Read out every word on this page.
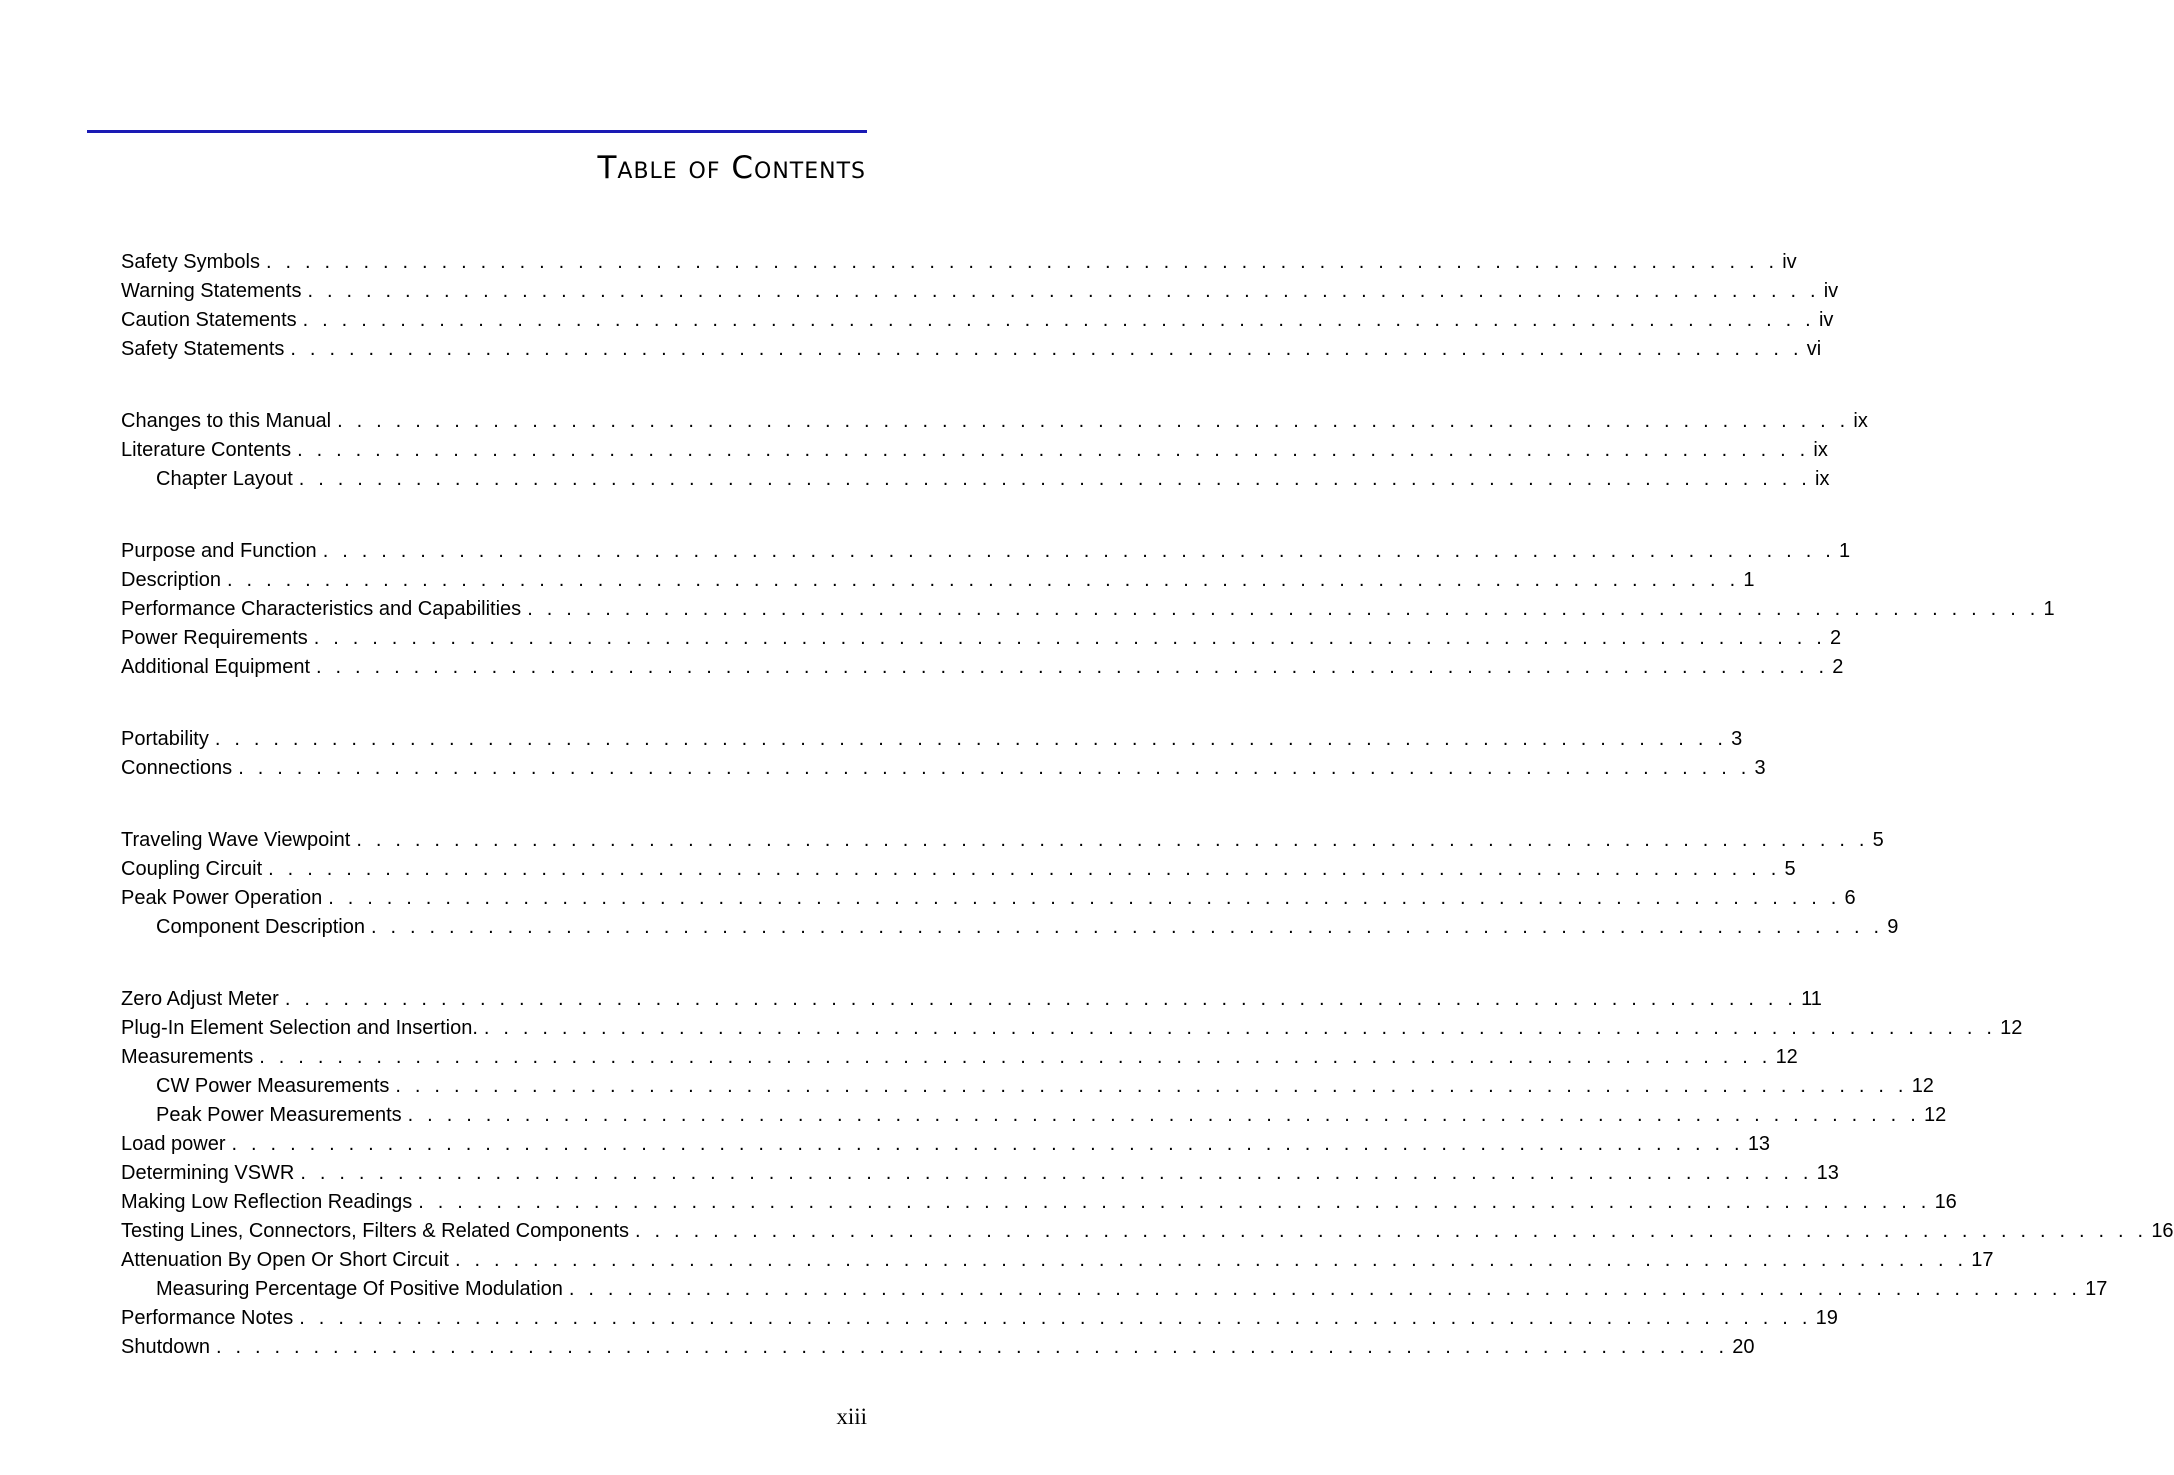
Table of Contents
Safety Symbols . . . . . . . . . . . . . . . . . . . . . . . . . . . . . . . . . . . . . . . . . . . . . . . . . . . . . . . . . . . . . . . . . . . . . . . . . . . . . . iv
Warning Statements . . . . . . . . . . . . . . . . . . . . . . . . . . . . . . . . . . . . . . . . . . . . . . . . . . . . . . . . . . . . . . . . . . . . . . . . . . . . . . iv
Caution Statements . . . . . . . . . . . . . . . . . . . . . . . . . . . . . . . . . . . . . . . . . . . . . . . . . . . . . . . . . . . . . . . . . . . . . . . . . . . . . . iv
Safety Statements . . . . . . . . . . . . . . . . . . . . . . . . . . . . . . . . . . . . . . . . . . . . . . . . . . . . . . . . . . . . . . . . . . . . . . . . . . . . . . vi
Changes to this Manual . . . . . . . . . . . . . . . . . . . . . . . . . . . . . . . . . . . . . . . . . . . . . . . . . . . . . . . . . . . . . . . . . . . . . . . . . . . . . . ix
Literature Contents . . . . . . . . . . . . . . . . . . . . . . . . . . . . . . . . . . . . . . . . . . . . . . . . . . . . . . . . . . . . . . . . . . . . . . . . . . . . . . ix
Chapter Layout . . . . . . . . . . . . . . . . . . . . . . . . . . . . . . . . . . . . . . . . . . . . . . . . . . . . . . . . . . . . . . . . . . . . . . . . . . . . . . ix
Purpose and Function . . . . . . . . . . . . . . . . . . . . . . . . . . . . . . . . . . . . . . . . . . . . . . . . . . . . . . . . . . . . . . . . . . . . . . . . . . . . . . 1
Description . . . . . . . . . . . . . . . . . . . . . . . . . . . . . . . . . . . . . . . . . . . . . . . . . . . . . . . . . . . . . . . . . . . . . . . . . . . . . . 1
Performance Characteristics and Capabilities . . . . . . . . . . . . . . . . . . . . . . . . . . . . . . . . . . . . . . . . . . . . . . . . . . . . . . . . . . . . . . . . . . . . . . . . . . . . . . 1
Power Requirements . . . . . . . . . . . . . . . . . . . . . . . . . . . . . . . . . . . . . . . . . . . . . . . . . . . . . . . . . . . . . . . . . . . . . . . . . . . . . . 2
Additional Equipment . . . . . . . . . . . . . . . . . . . . . . . . . . . . . . . . . . . . . . . . . . . . . . . . . . . . . . . . . . . . . . . . . . . . . . . . . . . . . . 2
Portability . . . . . . . . . . . . . . . . . . . . . . . . . . . . . . . . . . . . . . . . . . . . . . . . . . . . . . . . . . . . . . . . . . . . . . . . . . . . . . 3
Connections . . . . . . . . . . . . . . . . . . . . . . . . . . . . . . . . . . . . . . . . . . . . . . . . . . . . . . . . . . . . . . . . . . . . . . . . . . . . . . 3
Traveling Wave Viewpoint . . . . . . . . . . . . . . . . . . . . . . . . . . . . . . . . . . . . . . . . . . . . . . . . . . . . . . . . . . . . . . . . . . . . . . . . . . . . . . 5
Coupling Circuit . . . . . . . . . . . . . . . . . . . . . . . . . . . . . . . . . . . . . . . . . . . . . . . . . . . . . . . . . . . . . . . . . . . . . . . . . . . . . . 5
Peak Power Operation . . . . . . . . . . . . . . . . . . . . . . . . . . . . . . . . . . . . . . . . . . . . . . . . . . . . . . . . . . . . . . . . . . . . . . . . . . . . . . 6
Component Description . . . . . . . . . . . . . . . . . . . . . . . . . . . . . . . . . . . . . . . . . . . . . . . . . . . . . . . . . . . . . . . . . . . . . . . . . . . . . . 9
Zero Adjust Meter . . . . . . . . . . . . . . . . . . . . . . . . . . . . . . . . . . . . . . . . . . . . . . . . . . . . . . . . . . . . . . . . . . . . . . . . . . . . . . 11
Plug-In Element Selection and Insertion. . . . . . . . . . . . . . . . . . . . . . . . . . . . . . . . . . . . . . . . . . . . . . . . . . . . . . . . . . . . . . . . . . . . . . . . . . . . . . . 12
Measurements . . . . . . . . . . . . . . . . . . . . . . . . . . . . . . . . . . . . . . . . . . . . . . . . . . . . . . . . . . . . . . . . . . . . . . . . . . . . . . 12
CW Power Measurements . . . . . . . . . . . . . . . . . . . . . . . . . . . . . . . . . . . . . . . . . . . . . . . . . . . . . . . . . . . . . . . . . . . . . . . . . . . . . . 12
Peak Power Measurements . . . . . . . . . . . . . . . . . . . . . . . . . . . . . . . . . . . . . . . . . . . . . . . . . . . . . . . . . . . . . . . . . . . . . . . . . . . . . . 12
Load power . . . . . . . . . . . . . . . . . . . . . . . . . . . . . . . . . . . . . . . . . . . . . . . . . . . . . . . . . . . . . . . . . . . . . . . . . . . . . . 13
Determining VSWR . . . . . . . . . . . . . . . . . . . . . . . . . . . . . . . . . . . . . . . . . . . . . . . . . . . . . . . . . . . . . . . . . . . . . . . . . . . . . . 13
Making Low Reflection Readings . . . . . . . . . . . . . . . . . . . . . . . . . . . . . . . . . . . . . . . . . . . . . . . . . . . . . . . . . . . . . . . . . . . . . . . . . . . . . . 16
Testing Lines, Connectors, Filters & Related Components . . . . . . . . . . . . . . . . . . . . . . . . . . . . . . . . . . . . . . . . . . . . . . . . . . . . . . . . . . . . . . . . . . . . . . . . . . . . . . 16
Attenuation By Open Or Short Circuit . . . . . . . . . . . . . . . . . . . . . . . . . . . . . . . . . . . . . . . . . . . . . . . . . . . . . . . . . . . . . . . . . . . . . . . . . . . . . . 17
Measuring Percentage Of Positive Modulation . . . . . . . . . . . . . . . . . . . . . . . . . . . . . . . . . . . . . . . . . . . . . . . . . . . . . . . . . . . . . . . . . . . . . . . . . . . . . . 17
Performance Notes . . . . . . . . . . . . . . . . . . . . . . . . . . . . . . . . . . . . . . . . . . . . . . . . . . . . . . . . . . . . . . . . . . . . . . . . . . . . . . 19
Shutdown . . . . . . . . . . . . . . . . . . . . . . . . . . . . . . . . . . . . . . . . . . . . . . . . . . . . . . . . . . . . . . . . . . . . . . . . . . . . . . 20
xiii
